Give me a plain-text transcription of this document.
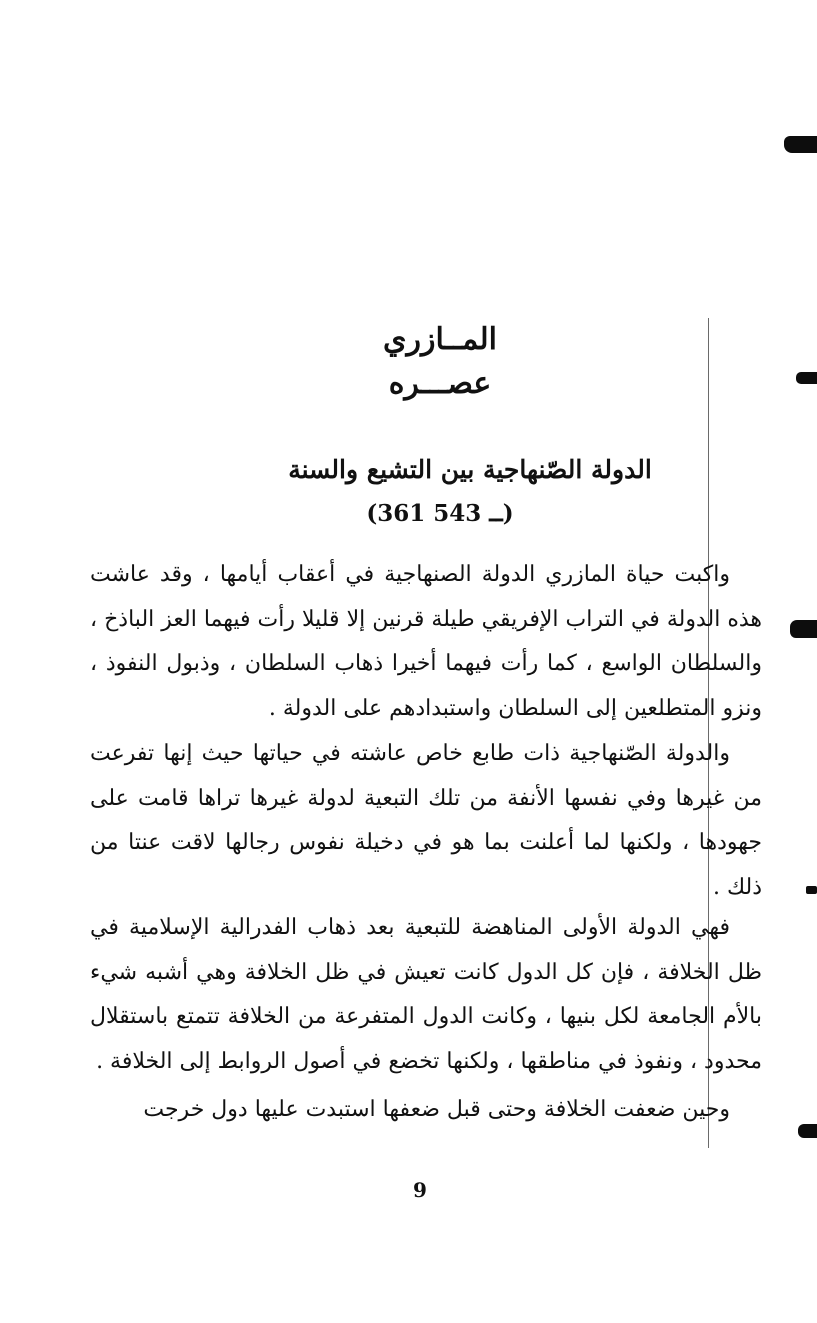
المــازري
عصـــره
الدولة الصّنهاجية بين التشيع والسنة
(361 ــ 543)

واكبت حياة المازري الدولة الصنهاجية في أعقاب أيامها ، وقد عاشت هذه الدولة في التراب الإفريقي طيلة قرنين إلا قليلا رأت فيهما العز الباذخ ، والسلطان الواسع ، كما رأت فيهما أخيرا ذهاب السلطان ، وذبول النفوذ ، ونزو المتطلعين إلى السلطان واستبدادهم على الدولة .

والدولة الصّنهاجية ذات طابع خاص عاشته في حياتها حيث إنها تفرعت من غيرها وفي نفسها الأنفة من تلك التبعية لدولة غيرها تراها قامت على جهودها ، ولكنها لما أعلنت بما هو في دخيلة نفوس رجالها لاقت عنتا من ذلك .

فهي الدولة الأولى المناهضة للتبعية بعد ذهاب الفدرالية الإسلامية في ظل الخلافة ، فإن كل الدول كانت تعيش في ظل الخلافة وهي أشبه شيء بالأم الجامعة لكل بنيها ، وكانت الدول المتفرعة من الخلافة تتمتع باستقلال محدود ، ونفوذ في مناطقها ، ولكنها تخضع في أصول الروابط إلى الخلافة .

وحين ضعفت الخلافة وحتى قبل ضعفها استبدت عليها دول خرجت

9
